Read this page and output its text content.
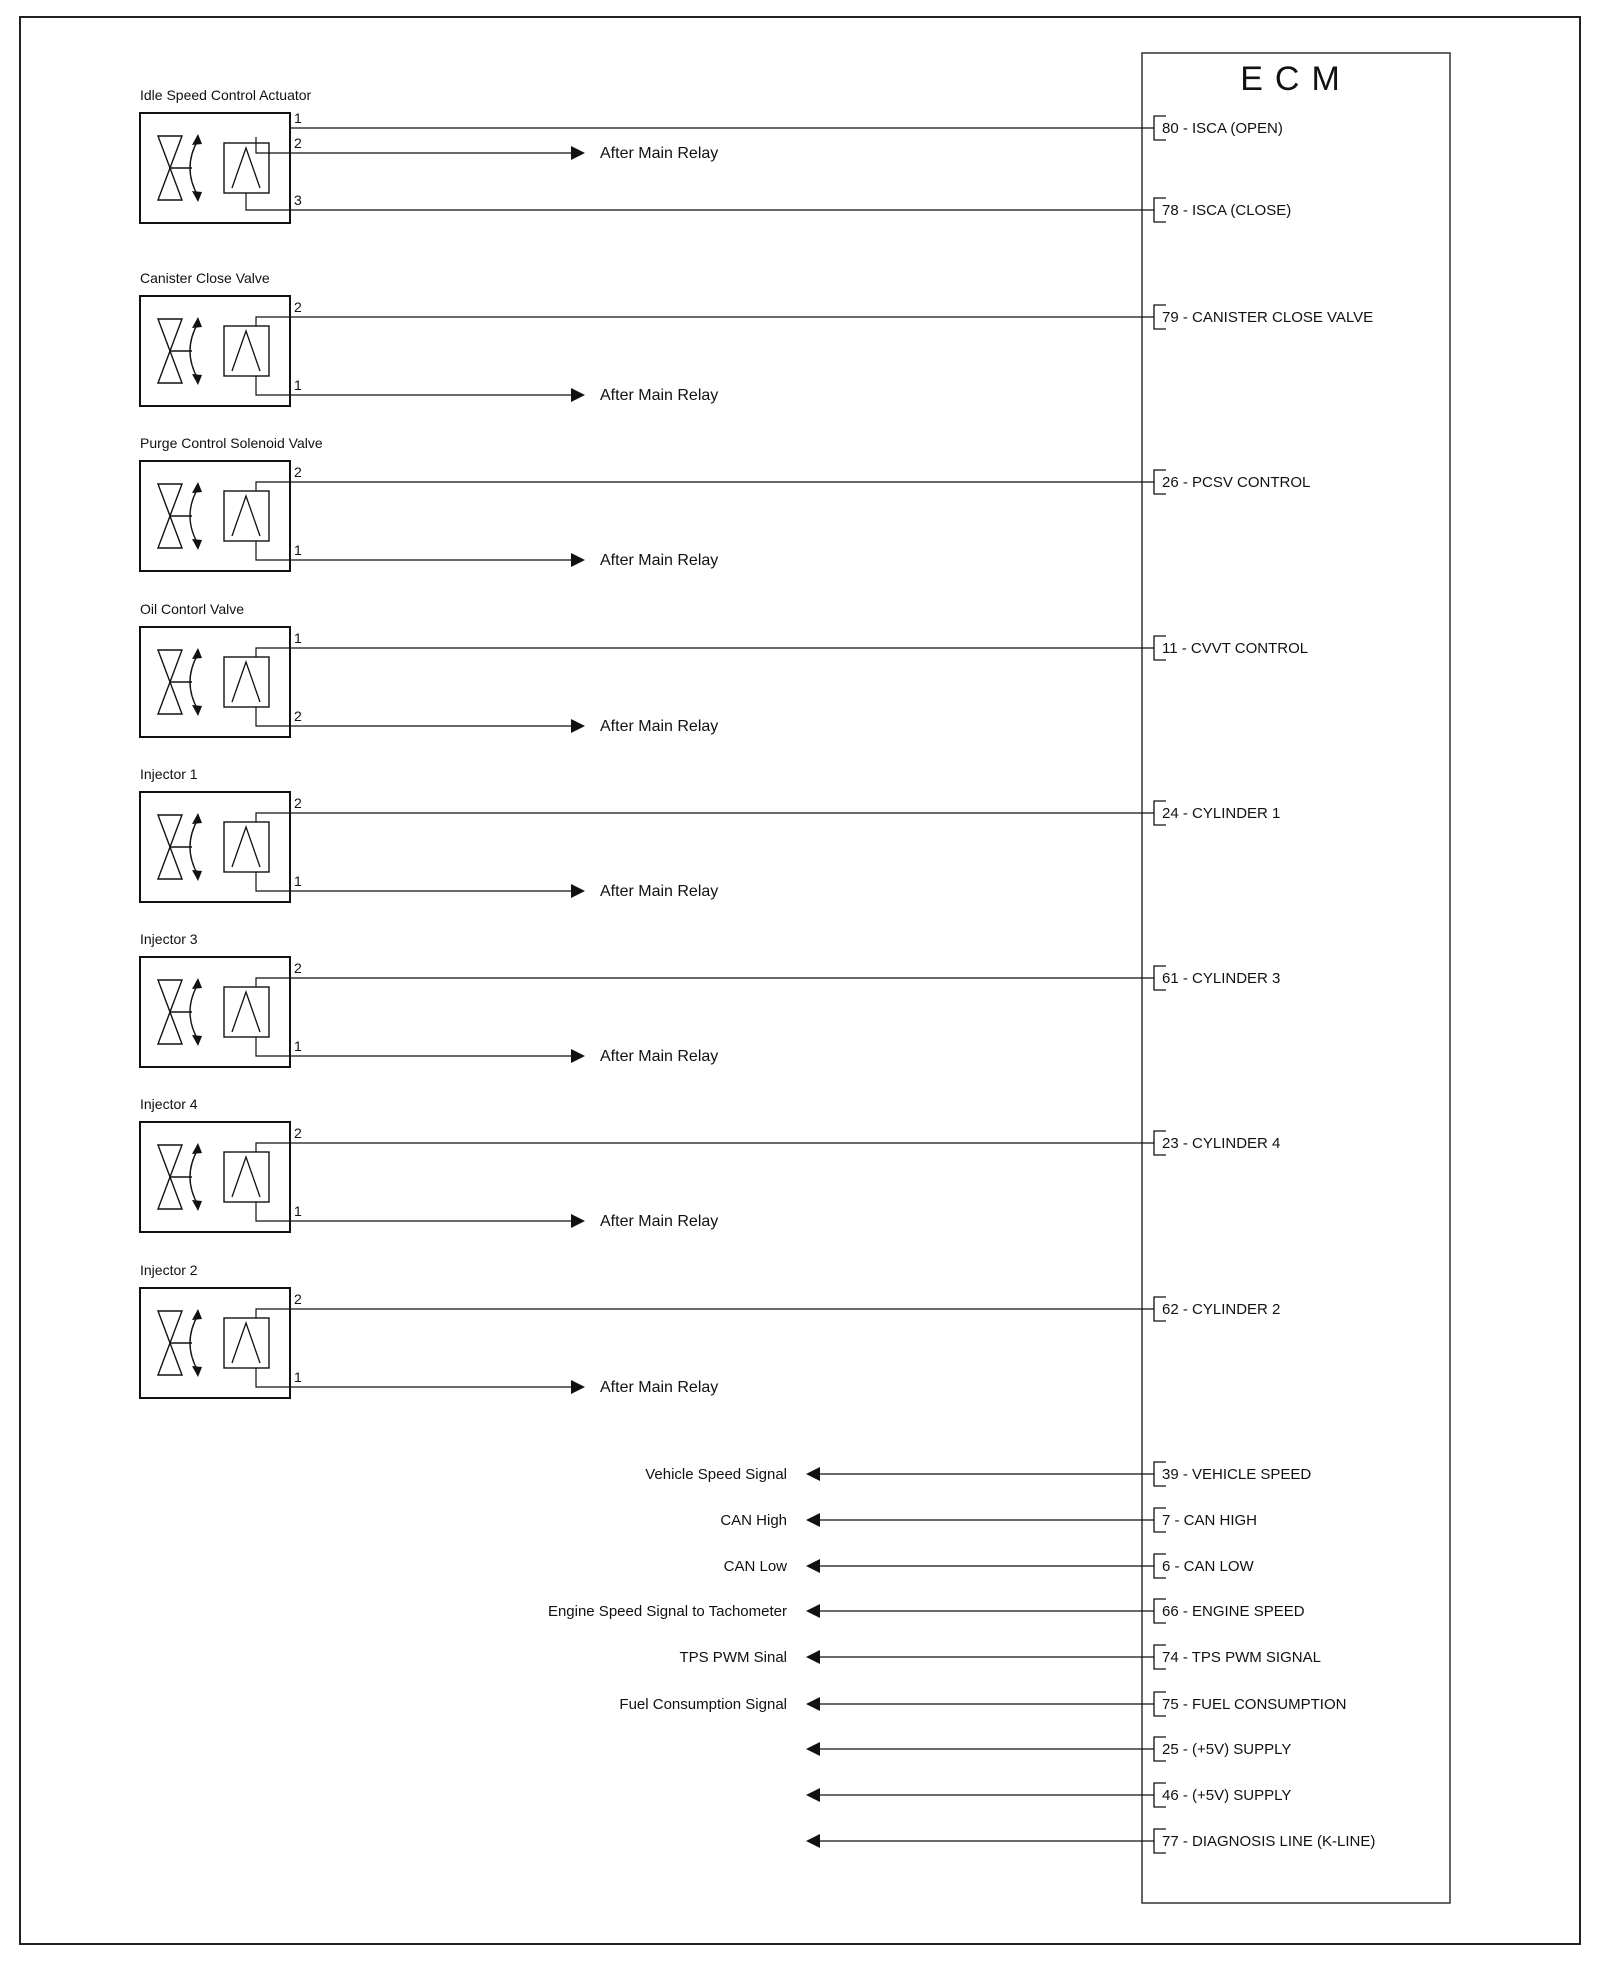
ECM
Idle Speed Control Actuator
1
80 - ISCA (OPEN)
2
After Main Relay
3
78 - ISCA (CLOSE)
Canister Close Valve
2
79 - CANISTER CLOSE VALVE
1
After Main Relay
Purge Control Solenoid Valve
2
26 - PCSV CONTROL
1
After Main Relay
Oil Contorl Valve
1
11 - CVVT CONTROL
2
After Main Relay
Injector 1
2
24 - CYLINDER 1
1
After Main Relay
Injector 3
2
61 - CYLINDER 3
1
After Main Relay
Injector 4
2
23 - CYLINDER 4
1
After Main Relay
Injector 2
2
62 - CYLINDER 2
1
After Main Relay
Vehicle Speed Signal	39 - VEHICLE SPEED
CAN High	7 - CAN HIGH
CAN Low	6 - CAN LOW
Engine Speed Signal to Tachometer	66 - ENGINE SPEED
TPS PWM Sinal	74 - TPS PWM SIGNAL
Fuel Consumption Signal	75 - FUEL CONSUMPTION
25 - (+5V) SUPPLY
46 - (+5V) SUPPLY
77 - DIAGNOSIS LINE (K-LINE)
